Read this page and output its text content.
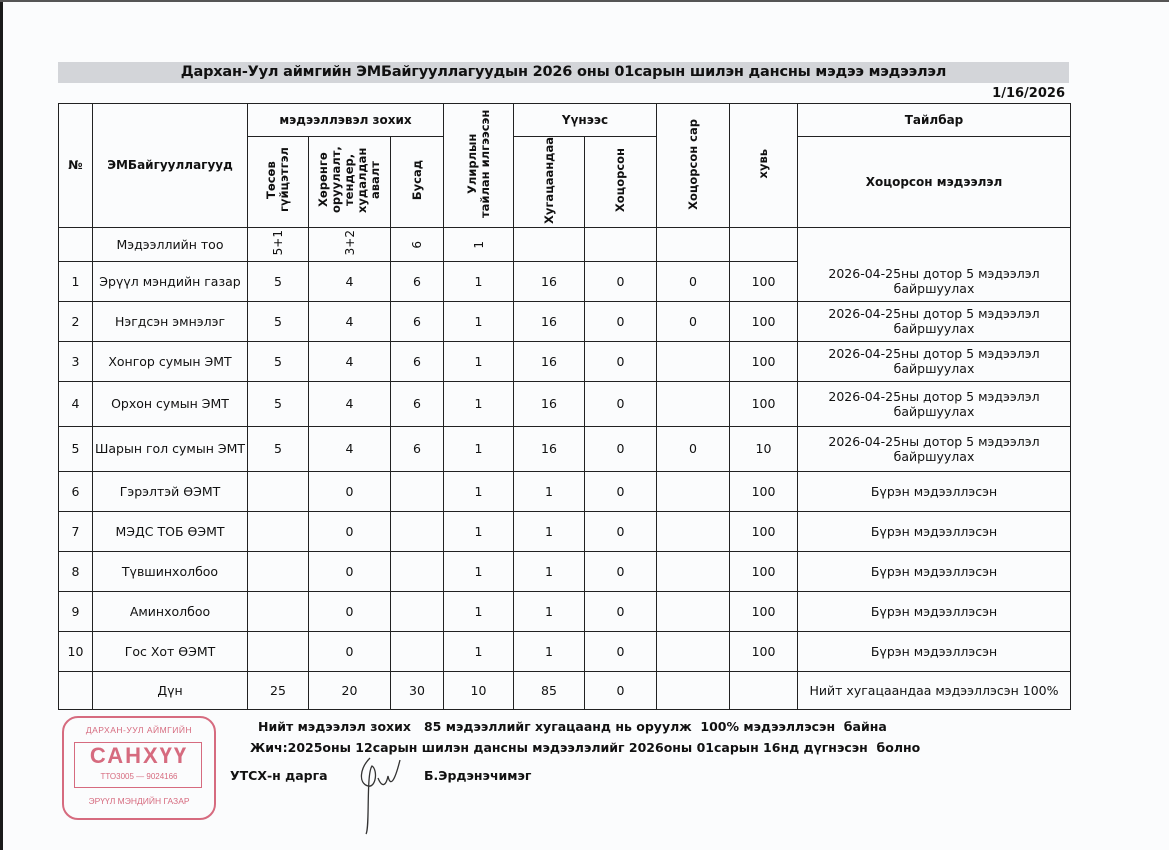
Дархан-Уул аймгийн ЭМБайгууллагуудын 2026 оны 01сарын шилэн дансны мэдээ мэдээлэл
1/16/2026
№	ЭМБайгууллагууд	мэдээллэвэл зохих			Улирлын тайлан илгээсэн	Үүнээс		Хоцорсон сар	хувь	Тайлбар
		Төсөв гүйцэтгэл	Хөрөнгө оруулалт, тендер, худалдан авалт	Бусад		Хугацаандаа	Хоцорсон			Хоцорсон мэдээлэл
	Мэдээллийн тоо	5+1	3+2	6	1					
1	Эрүүл мэндийн газар	5	4	6	1	16	0	0	100	2026-04-25ны дотор 5 мэдээлэл байршуулах
2	Нэгдсэн эмнэлэг	5	4	6	1	16	0	0	100	2026-04-25ны дотор 5 мэдээлэл байршуулах
3	Хонгор сумын ЭМТ	5	4	6	1	16	0		100	2026-04-25ны дотор 5 мэдээлэл байршуулах
4	Орхон сумын ЭМТ	5	4	6	1	16	0		100	2026-04-25ны дотор 5 мэдээлэл байршуулах
5	Шарын гол сумын ЭМТ	5	4	6	1	16	0	0	10	2026-04-25ны дотор 5 мэдээлэл байршуулах
6	Гэрэлтэй ӨЭМТ		0		1	1	0		100	Бүрэн мэдээллэсэн
7	МЭДС ТОБ ӨЭМТ		0		1	1	0		100	Бүрэн мэдээллэсэн
8	Түвшинхолбоо		0		1	1	0		100	Бүрэн мэдээллэсэн
9	Аминхолбоо		0		1	1	0		100	Бүрэн мэдээллэсэн
10	Гос Хот ӨЭМТ		0		1	1	0		100	Бүрэн мэдээллэсэн
	Дүн	25	20	30	10	85	0			Нийт хугацаандаа мэдээллэсэн 100%
ДАРХАН-УУЛ АЙМГИЙН
САНХҮҮ
ТТО3005 — 9024166
ЭРҮҮЛ МЭНДИЙН ГАЗАР
Нийт мэдээлэл зохих   85 мэдээллийг хугацаанд нь оруулж  100% мэдээллэсэн  байна
Жич:2025оны 12сарын шилэн дансны мэдээлэлийг 2026оны 01сарын 16нд дүгнэсэн  болно
УТСХ-н дарга	Б.Эрдэнэчимэг
